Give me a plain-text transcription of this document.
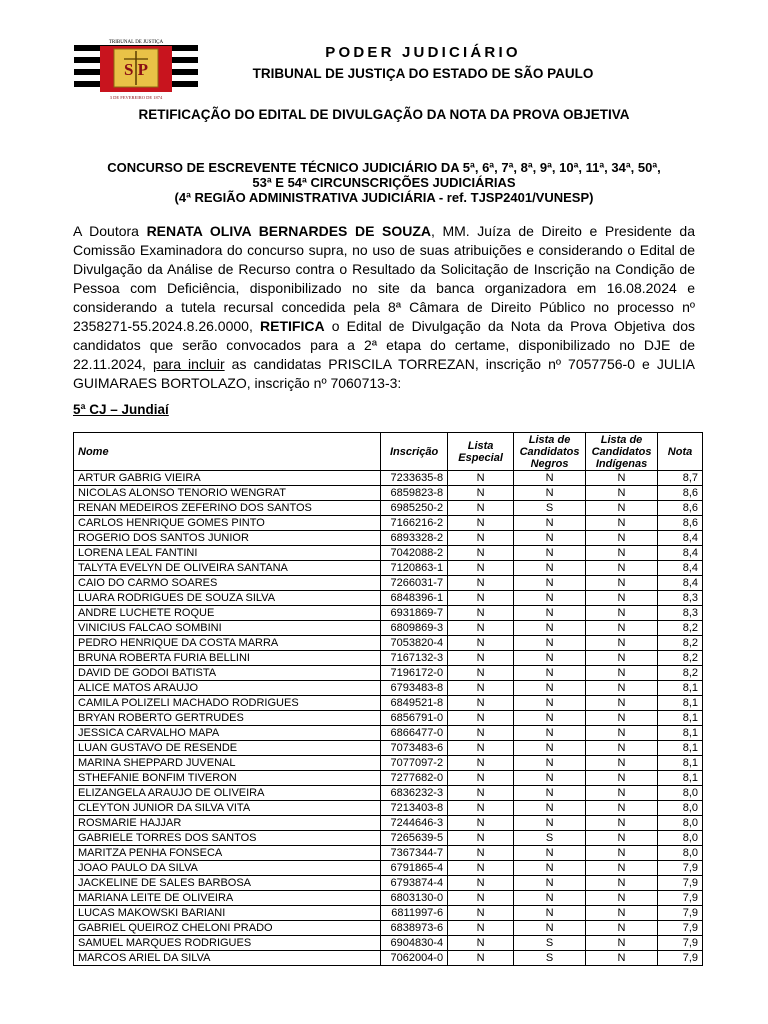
S P
TRIBUNAL DE JUSTIÇA
3 DE FEVEREIRO DE 1874
PODER JUDICIÁRIO
TRIBUNAL DE JUSTIÇA DO ESTADO DE SÃO PAULO
RETIFICAÇÃO DO EDITAL DE DIVULGAÇÃO DA NOTA DA PROVA OBJETIVA
CONCURSO DE ESCREVENTE TÉCNICO JUDICIÁRIO DA 5ª, 6ª, 7ª, 8ª, 9ª, 10ª, 11ª, 34ª, 50ª,
53ª E 54ª CIRCUNSCRIÇÕES JUDICIÁRIAS
(4ª REGIÃO ADMINISTRATIVA JUDICIÁRIA - ref. TJSP2401/VUNESP)
A Doutora RENATA OLIVA BERNARDES DE SOUZA, MM. Juíza de Direito e Presidente da Comissão Examinadora do concurso supra, no uso de suas atribuições e considerando o Edital de Divulgação da Análise de Recurso contra o Resultado da Solicitação de Inscrição na Condição de Pessoa com Deficiência, disponibilizado no site da banca organizadora em 16.08.2024 e considerando a tutela recursal concedida pela 8ª Câmara de Direito Público no processo nº 2358271-55.2024.8.26.0000, RETIFICA o Edital de Divulgação da Nota da Prova Objetiva dos candidatos que serão convocados para a 2ª etapa do certame, disponibilizado no DJE de 22.11.2024, para incluir as candidatas PRISCILA TORREZAN, inscrição nº 7057756-0 e JULIA GUIMARAES BORTOLAZO, inscrição nº 7060713-3:
5ª CJ – Jundiaí
Nome	Inscrição	Lista Especial	Lista de Candidatos Negros	Lista de Candidatos Indígenas	Nota
ARTUR GABRIG VIEIRA	7233635-8	N	N	N	8,7
NICOLAS ALONSO TENORIO WENGRAT	6859823-8	N	N	N	8,6
RENAN MEDEIROS ZEFERINO DOS SANTOS	6985250-2	N	S	N	8,6
CARLOS HENRIQUE GOMES PINTO	7166216-2	N	N	N	8,6
ROGERIO DOS SANTOS JUNIOR	6893328-2	N	N	N	8,4
LORENA LEAL FANTINI	7042088-2	N	N	N	8,4
TALYTA EVELYN DE OLIVEIRA SANTANA	7120863-1	N	N	N	8,4
CAIO DO CARMO SOARES	7266031-7	N	N	N	8,4
LUARA RODRIGUES DE SOUZA SILVA	6848396-1	N	N	N	8,3
ANDRE LUCHETE ROQUE	6931869-7	N	N	N	8,3
VINICIUS FALCAO SOMBINI	6809869-3	N	N	N	8,2
PEDRO HENRIQUE DA COSTA MARRA	7053820-4	N	N	N	8,2
BRUNA ROBERTA FURIA BELLINI	7167132-3	N	N	N	8,2
DAVID DE GODOI BATISTA	7196172-0	N	N	N	8,2
ALICE MATOS ARAUJO	6793483-8	N	N	N	8,1
CAMILA POLIZELI MACHADO RODRIGUES	6849521-8	N	N	N	8,1
BRYAN ROBERTO GERTRUDES	6856791-0	N	N	N	8,1
JESSICA CARVALHO MAPA	6866477-0	N	N	N	8,1
LUAN GUSTAVO DE RESENDE	7073483-6	N	N	N	8,1
MARINA SHEPPARD JUVENAL	7077097-2	N	N	N	8,1
STHEFANIE BONFIM TIVERON	7277682-0	N	N	N	8,1
ELIZANGELA ARAUJO DE OLIVEIRA	6836232-3	N	N	N	8,0
CLEYTON JUNIOR DA SILVA VITA	7213403-8	N	N	N	8,0
ROSMARIE HAJJAR	7244646-3	N	N	N	8,0
GABRIELE TORRES DOS SANTOS	7265639-5	N	S	N	8,0
MARITZA PENHA FONSECA	7367344-7	N	N	N	8,0
JOAO PAULO DA SILVA	6791865-4	N	N	N	7,9
JACKELINE DE SALES BARBOSA	6793874-4	N	N	N	7,9
MARIANA LEITE DE OLIVEIRA	6803130-0	N	N	N	7,9
LUCAS MAKOWSKI BARIANI	6811997-6	N	N	N	7,9
GABRIEL QUEIROZ CHELONI PRADO	6838973-6	N	N	N	7,9
SAMUEL MARQUES RODRIGUES	6904830-4	N	S	N	7,9
MARCOS ARIEL DA SILVA	7062004-0	N	S	N	7,9
